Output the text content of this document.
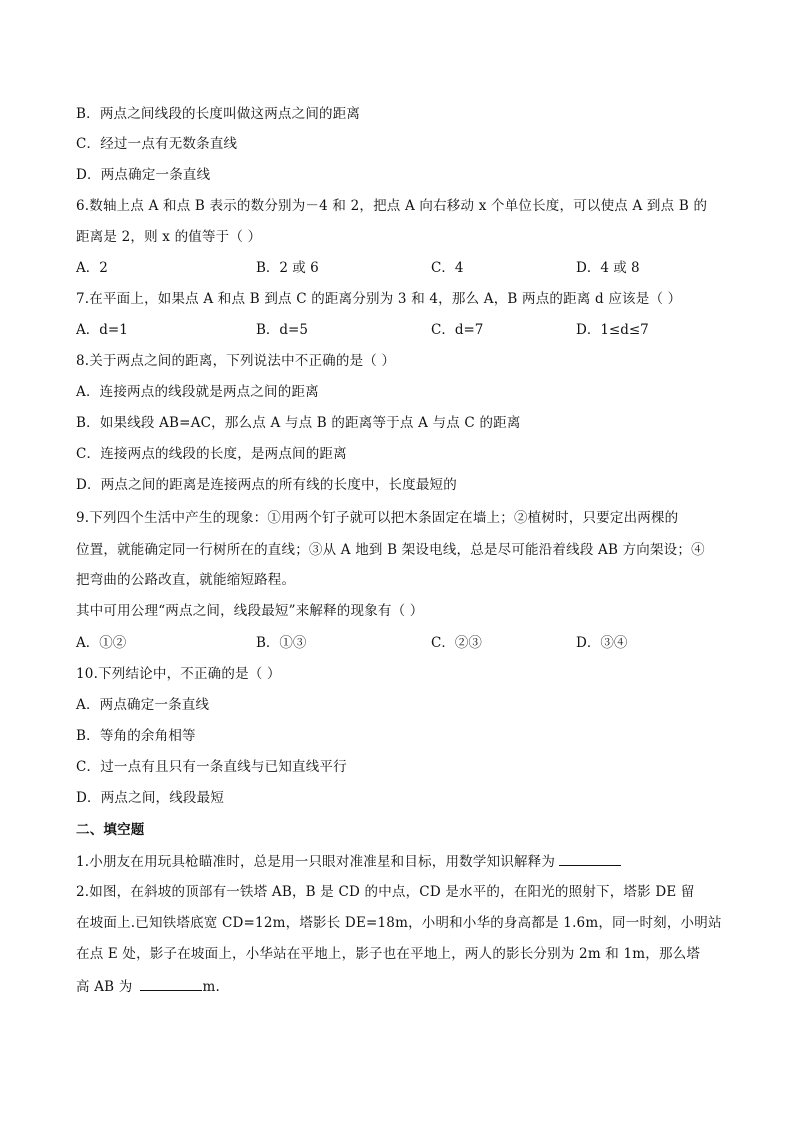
B．两点之间线段的长度叫做这两点之间的距离
C．经过一点有无数条直线
D．两点确定一条直线
6.数轴上点 A 和点 B 表示的数分别为－4 和 2，把点 A 向右移动 x 个单位长度，可以使点 A 到点 B 的
距离是 2，则 x 的值等于（ ）
A．2	B．2 或 6	C．4	D．4 或 8
7.在平面上，如果点 A 和点 B 到点 C 的距离分别为 3 和 4，那么 A，B 两点的距离 d 应该是（ ）
A．d=1	B．d=5	C．d=7	D．1≤d≤7
8.关于两点之间的距离，下列说法中不正确的是（ ）
A．连接两点的线段就是两点之间的距离
B．如果线段 AB=AC，那么点 A 与点 B 的距离等于点 A 与点 C 的距离
C．连接两点的线段的长度，是两点间的距离
D．两点之间的距离是连接两点的所有线的长度中，长度最短的
9.下列四个生活中产生的现象：①用两个钉子就可以把木条固定在墙上；②植树时，只要定出两棵的
位置，就能确定同一行树所在的直线；③从 A 地到 B 架设电线，总是尽可能沿着线段 AB 方向架设；④
把弯曲的公路改直，就能缩短路程。
其中可用公理“两点之间，线段最短”来解释的现象有（ ）
A．①②	B．①③	C．②③	D．③④
10.下列结论中，不正确的是（ ）
A．两点确定一条直线
B．等角的余角相等
C．过一点有且只有一条直线与已知直线平行
D．两点之间，线段最短
二、填空题
1.小朋友在用玩具枪瞄准时，总是用一只眼对准准星和目标，用数学知识解释为
2.如图，在斜坡的顶部有一铁塔 AB，B 是 CD 的中点，CD 是水平的，在阳光的照射下，塔影 DE 留
在坡面上.已知铁塔底宽 CD=12m，塔影长 DE=18m，小明和小华的身高都是 1.6m，同一时刻，小明站
在点 E 处，影子在坡面上，小华站在平地上，影子也在平地上，两人的影长分别为 2m 和 1m，那么塔
高 AB 为	m.
